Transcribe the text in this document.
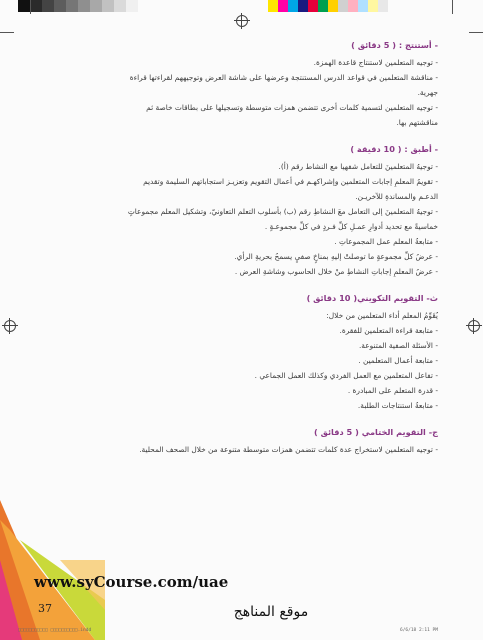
- أستنتج : ( 5 دقائق )

- توجيه المتعلمين لاستنتاج قاعدة الهمزة.

- مناقشة المتعلمين في قواعد الدرس المستنتجة وعرضها على شاشة العرض وتوجيههم لقراءتها قراءة

جهرية.

- توجيه المتعلمين لتسمية كلمات أخرى تتضمن همزات متوسطة وتسجيلها على بطاقات خاصة ثم

مناقشتهم بها.

- أطبق : ( 10 دقيقة )

- توجيهُ المتعلمينَ للتعامل شفهيا مع النشاط رقم (أ).

- تقويمُ المعلمِ إجابات المتعلمين وإشراكهـم في أعمال التقويم وتعزيـز استجاباتهم السليمة وتقديم

الدعـم والمساندةِ للآخريـن.

- توجيهُ المتعلمينَ إلى التعامل معَ النشاطِ رقم (ب) بأسلوب التعلم التعاونيّ، وتشكيل المعلم مجموعاتٍ

خماسيةً مع تحديد أدوارِ عمـلِ كلِّ فـردٍ في كلِّ مجموعـةٍ .

- متابعةُ المعلم عمل المجموعاتِ .

- عرضُ كلِّ مجموعةٍ ما توصلتْ إليهِ بمناخٍ صفيٍ يسمحُ بحريةِ الرأي.

- عرضُ المعلمِ إجاباتِ النشاطِ منْ خلال الحاسوب وشاشةِ العرض .

ث- التقويم التكويني( 10 دقائق )

يُقَوِّمُ المعلم أداء المتعلمين من خلال:

- متابعة قراءة المتعلمين للفقرة.

- الأسئلة الصفية المتنوعة.

- متابعة أعمال المتعلمين .

- تفاعل المتعلمين مع العمل الفردي وكذلك العمل الجماعي .

- قدرة المتعلم على المبادرة .

- متابعةُ استنتاجات الطلبة.

ج- التقويم الختامي ( 5 دقائق )

- توجيه المتعلمين لاستخراج عدة كلمات تتضمن همزات متوسطة متنوعة من خلال الصحف المحلية.

www.syCourse.com/uae
37	موقع المناهج
□□□□□□□□□□□ □□□□□□□□□□.indd	6/6/18 2:11 PM
